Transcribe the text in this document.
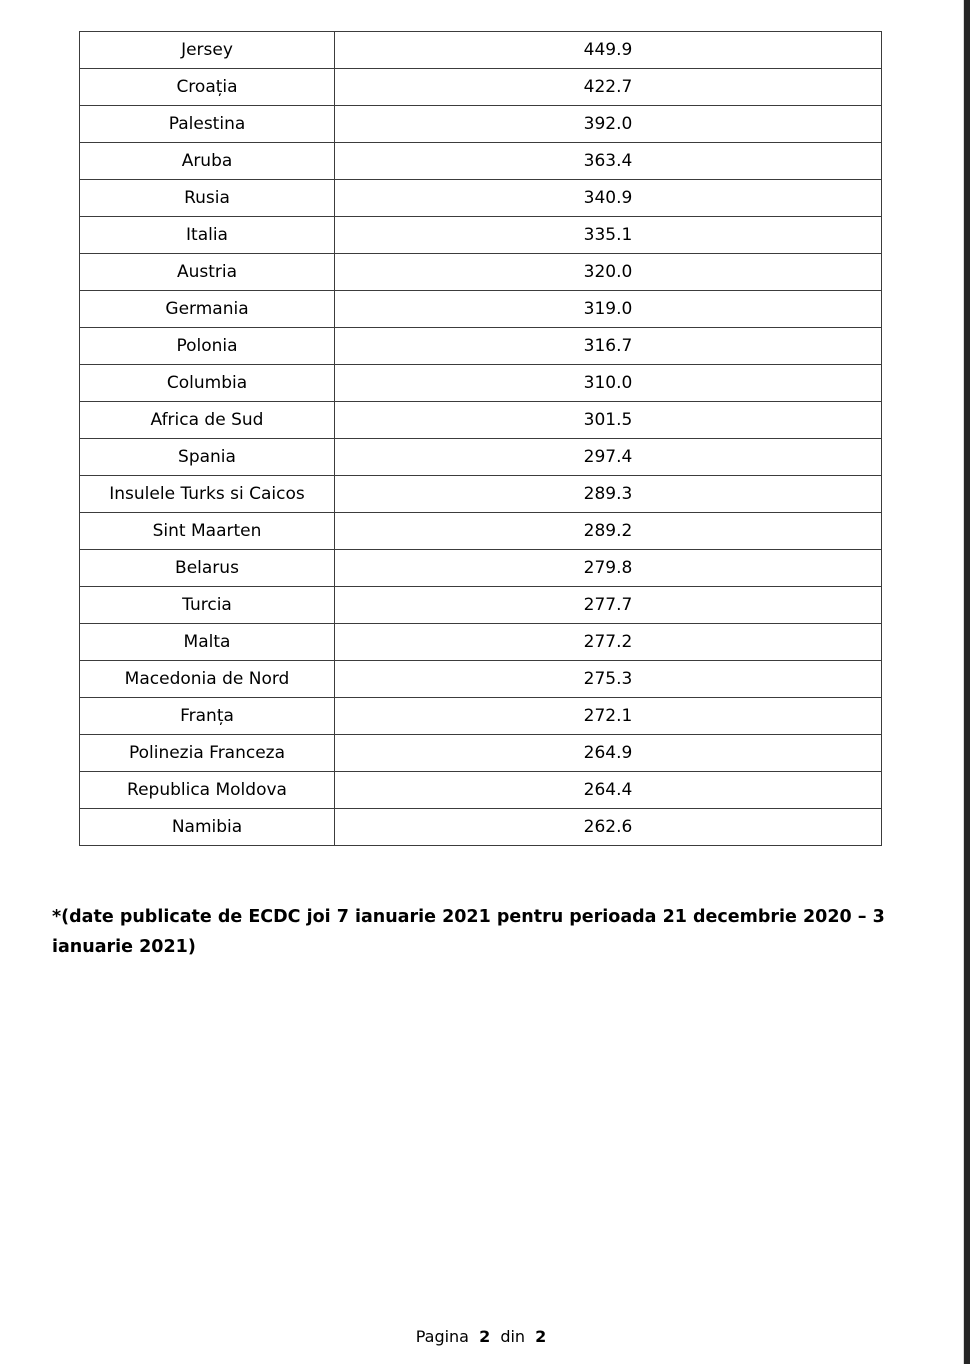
Jersey	449.9
Croația	422.7
Palestina	392.0
Aruba	363.4
Rusia	340.9
Italia	335.1
Austria	320.0
Germania	319.0
Polonia	316.7
Columbia	310.0
Africa de Sud	301.5
Spania	297.4
Insulele Turks si Caicos	289.3
Sint Maarten	289.2
Belarus	279.8
Turcia	277.7
Malta	277.2
Macedonia de Nord	275.3
Franța	272.1
Polinezia Franceza	264.9
Republica Moldova	264.4
Namibia	262.6
*(date publicate de ECDC joi 7 ianuarie 2021 pentru perioada 21 decembrie 2020 – 3 ianuarie 2021)
Pagina 2 din 2
